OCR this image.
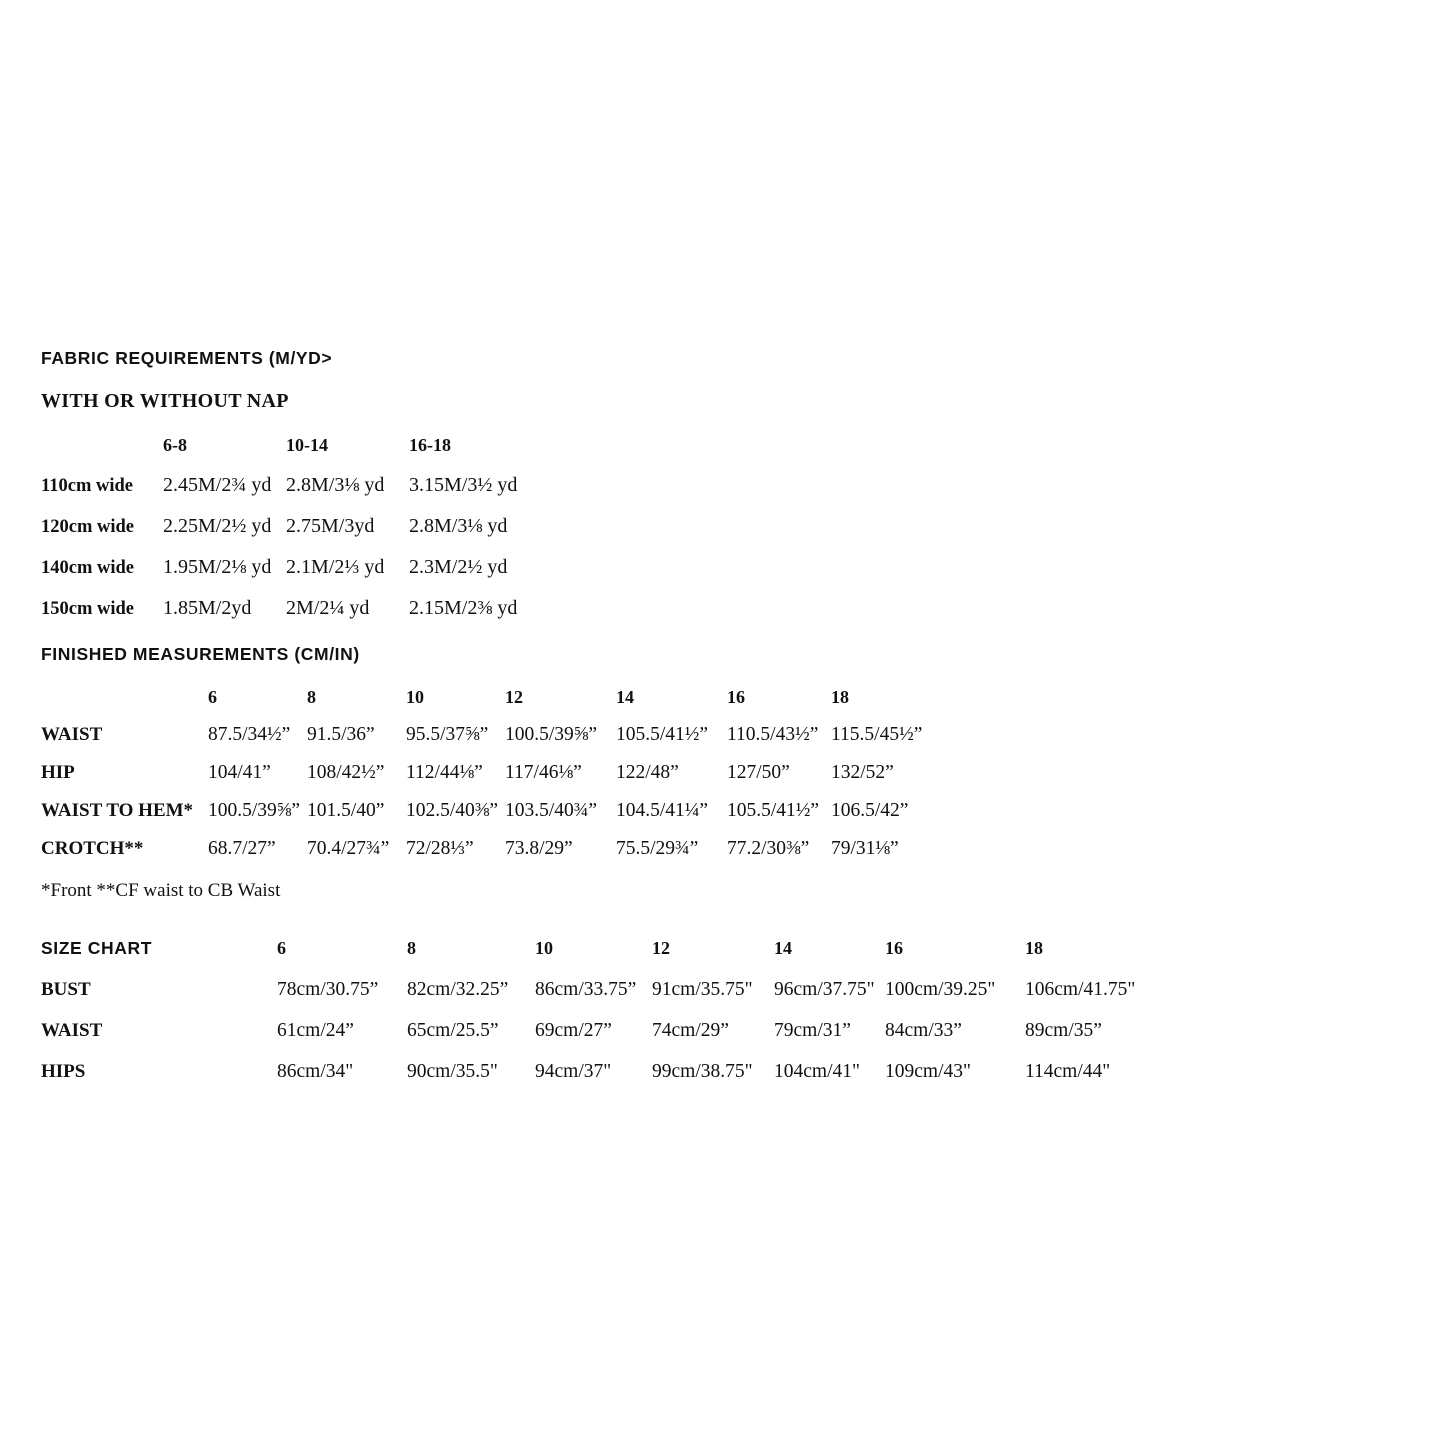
FABRIC REQUIREMENTS (M/YD>
WITH OR WITHOUT NAP
	6-8	10-14	16-18
110cm wide	2.45M/2¾ yd	2.8M/3⅛ yd	3.15M/3½ yd
120cm wide	2.25M/2½ yd	2.75M/3yd	2.8M/3⅛ yd
140cm wide	1.95M/2⅛ yd	2.1M/2⅓ yd	2.3M/2½ yd
150cm wide	1.85M/2yd	2M/2¼ yd	2.15M/2⅜ yd
FINISHED MEASUREMENTS (CM/IN)
	6	8	10	12	14	16	18
WAIST	87.5/34½”	91.5/36”	95.5/37⅝”	100.5/39⅝”	105.5/41½”	110.5/43½”	115.5/45½”
HIP	104/41”	108/42½”	112/44⅛”	117/46⅛”	122/48”	127/50”	132/52”
WAIST TO HEM*	100.5/39⅝”	101.5/40”	102.5/40⅜”	103.5/40¾”	104.5/41¼”	105.5/41½”	106.5/42”
CROTCH**	68.7/27”	70.4/27¾”	72/28⅓”	73.8/29”	75.5/29¾”	77.2/30⅜”	79/31⅛”
*Front **CF waist to CB Waist
SIZE CHART	6	8	10	12	14	16	18
BUST	78cm/30.75”	82cm/32.25”	86cm/33.75”	91cm/35.75"	96cm/37.75"	100cm/39.25"	106cm/41.75"
WAIST	61cm/24”	65cm/25.5”	69cm/27”	74cm/29”	79cm/31”	84cm/33”	89cm/35”
HIPS	86cm/34"	90cm/35.5"	94cm/37"	99cm/38.75"	104cm/41"	109cm/43"	114cm/44"
